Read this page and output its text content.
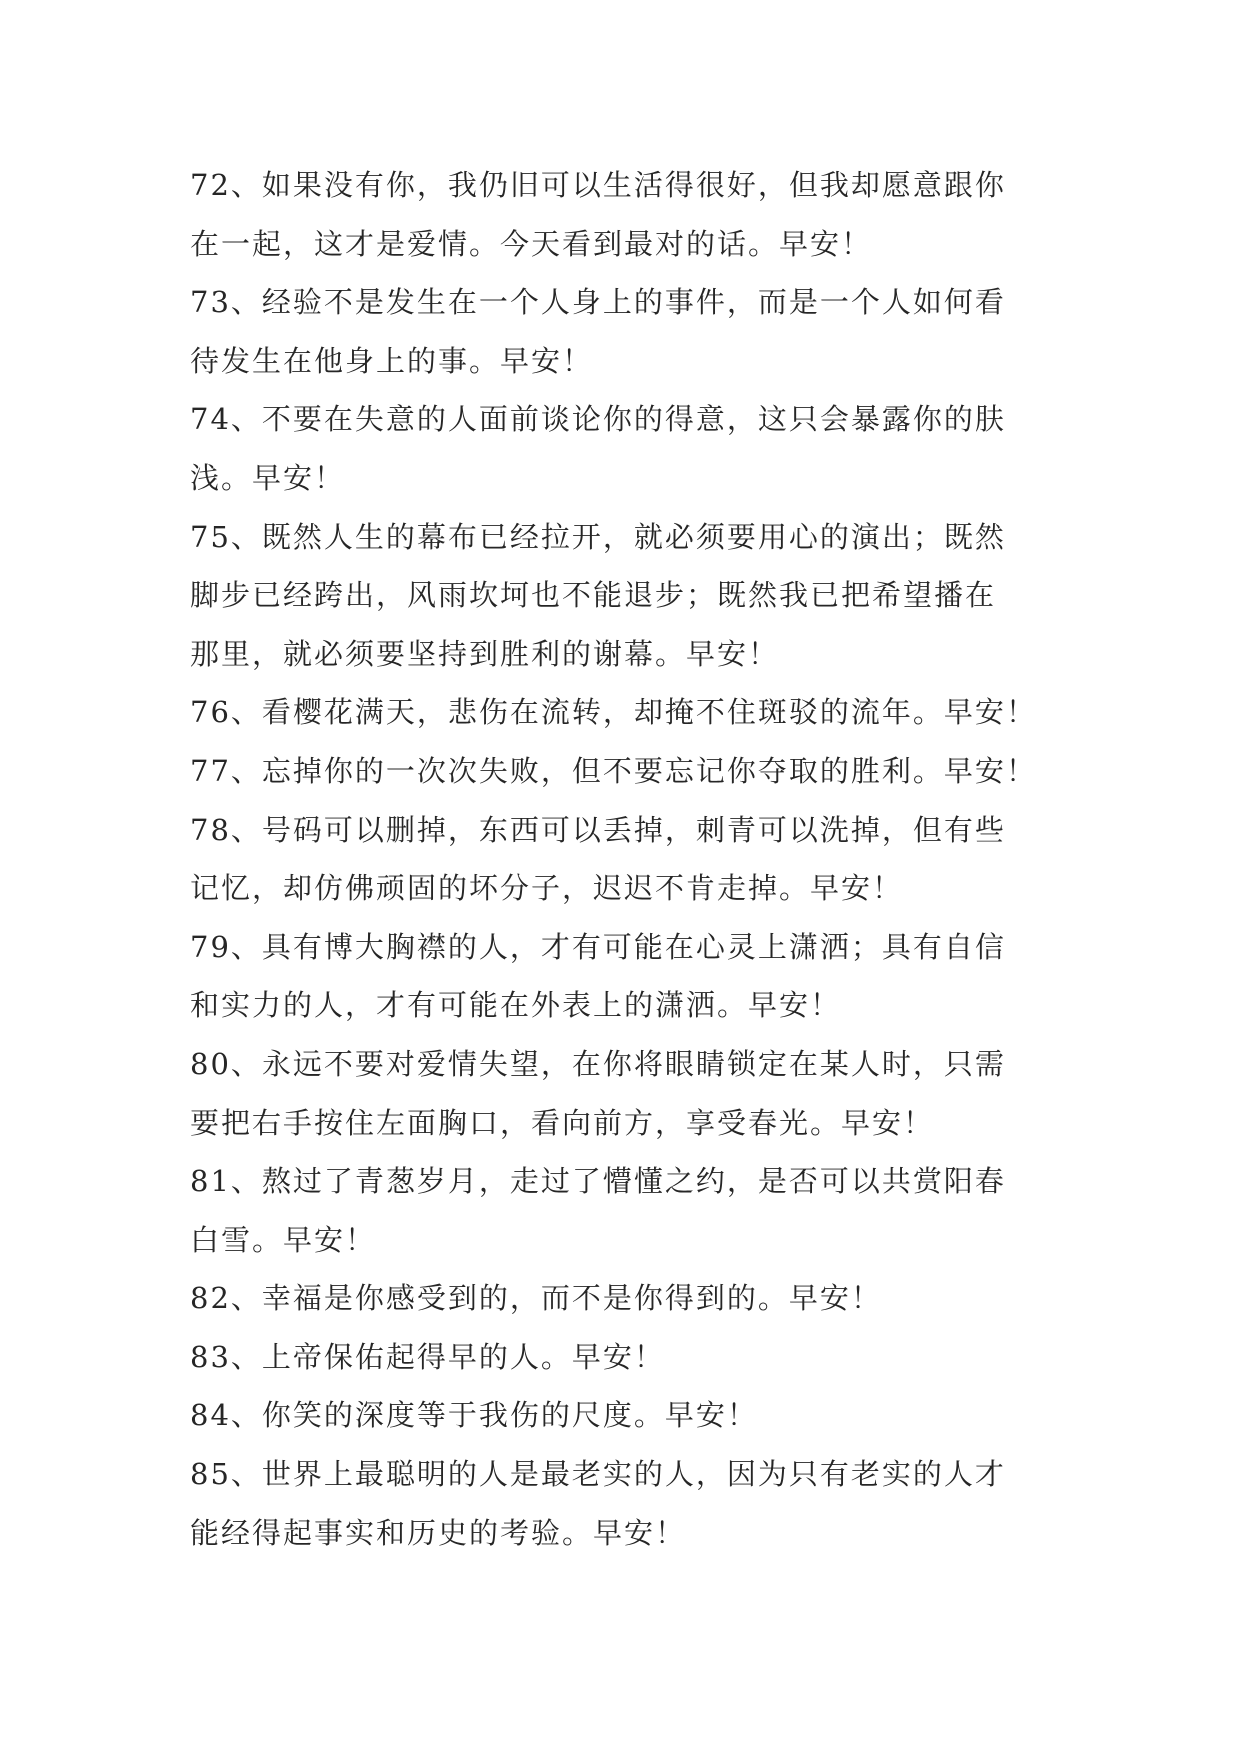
72、如果没有你，我仍旧可以生活得很好，但我却愿意跟你
在一起，这才是爱情。今天看到最对的话。早安！
73、经验不是发生在一个人身上的事件，而是一个人如何看
待发生在他身上的事。早安！
74、不要在失意的人面前谈论你的得意，这只会暴露你的肤
浅。早安！
75、既然人生的幕布已经拉开，就必须要用心的演出；既然
脚步已经跨出，风雨坎坷也不能退步；既然我已把希望播在
那里，就必须要坚持到胜利的谢幕。早安！
76、看樱花满天，悲伤在流转，却掩不住斑驳的流年。早安！
77、忘掉你的一次次失败，但不要忘记你夺取的胜利。早安！
78、号码可以删掉，东西可以丢掉，刺青可以洗掉，但有些
记忆，却仿佛顽固的坏分子，迟迟不肯走掉。早安！
79、具有博大胸襟的人，才有可能在心灵上潇洒；具有自信
和实力的人，才有可能在外表上的潇洒。早安！
80、永远不要对爱情失望，在你将眼睛锁定在某人时，只需
要把右手按住左面胸口，看向前方，享受春光。早安！
81、熬过了青葱岁月，走过了懵懂之约，是否可以共赏阳春
白雪。早安！
82、幸福是你感受到的，而不是你得到的。早安！
83、上帝保佑起得早的人。早安！
84、你笑的深度等于我伤的尺度。早安！
85、世界上最聪明的人是最老实的人，因为只有老实的人才
能经得起事实和历史的考验。早安！
